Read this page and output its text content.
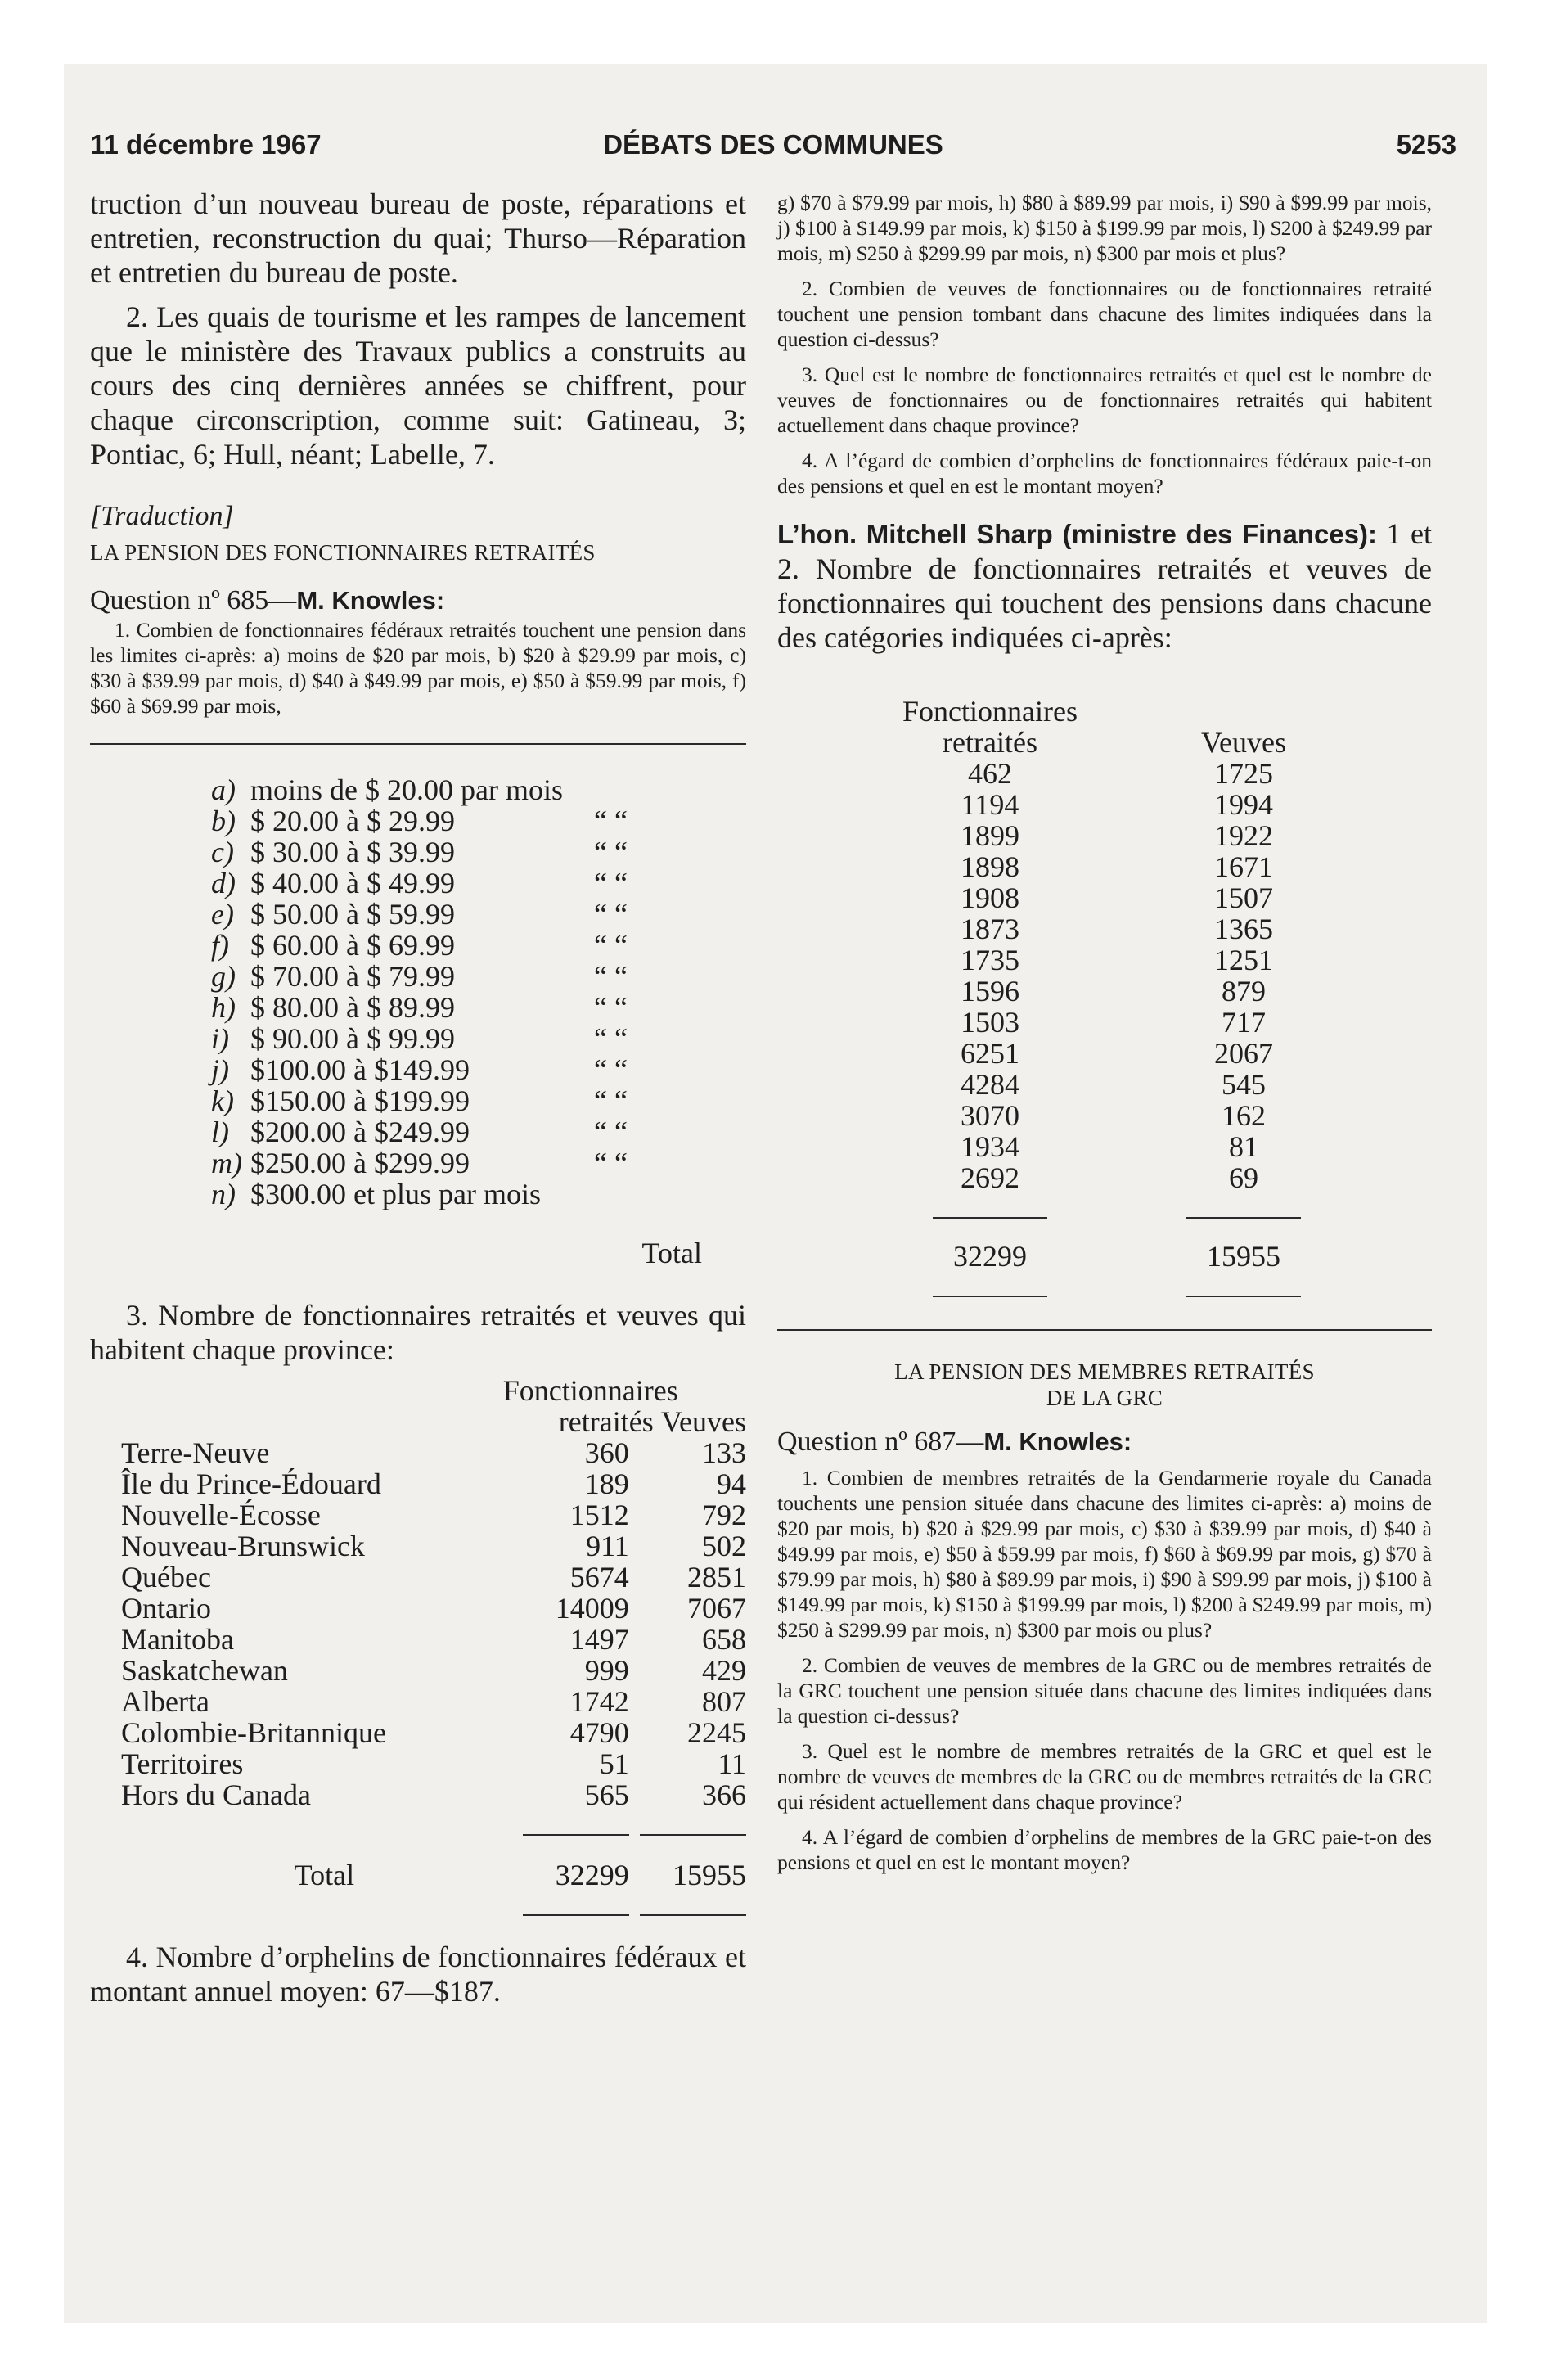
11 décembre 1967	DÉBATS DES COMMUNES	5253

truction d’un nouveau bureau de poste, réparations et entretien, reconstruction du quai; Thurso—Réparation et entretien du bureau de poste.

2. Les quais de tourisme et les rampes de lancement que le ministère des Travaux publics a construits au cours des cinq dernières années se chiffrent, pour chaque circonscription, comme suit: Gatineau, 3; Pontiac, 6; Hull, néant; Labelle, 7.

[Traduction]
LA PENSION DES FONCTIONNAIRES RETRAITÉS
Question nº 685—M. Knowles:

1. Combien de fonctionnaires fédéraux retraités touchent une pension dans les limites ci-après: a) moins de $20 par mois, b) $20 à $29.99 par mois, c) $30 à $39.99 par mois, d) $40 à $49.99 par mois, e) $50 à $59.99 par mois, f) $60 à $69.99 par mois,

a)	moins de $ 20.00 par mois	
b)	$ 20.00 à $ 29.99	“ “
c)	$ 30.00 à $ 39.99	“ “
d)	$ 40.00 à $ 49.99	“ “
e)	$ 50.00 à $ 59.99	“ “
f)	$ 60.00 à $ 69.99	“ “
g)	$ 70.00 à $ 79.99	“ “
h)	$ 80.00 à $ 89.99	“ “
i)	$ 90.00 à $ 99.99	“ “
j)	$100.00 à $149.99	“ “
k)	$150.00 à $199.99	“ “
l)	$200.00 à $249.99	“ “
m)	$250.00 à $299.99	“ “
n)	$300.00 et plus par mois	
Total

3. Nombre de fonctionnaires retraités et veuves qui habitent chaque province:

	Fonctionnaires	
	retraités	Veuves
Terre-Neuve	360	133
Île du Prince-Édouard	189	94
Nouvelle-Écosse	1512	792
Nouveau-Brunswick	911	502
Québec	5674	2851
Ontario	14009	7067
Manitoba	1497	658
Saskatchewan	999	429
Alberta	1742	807
Colombie-Britannique	4790	2245
Territoires	51	11
Hors du Canada	565	366

Total	32299	15955

4. Nombre d’orphelins de fonctionnaires fédéraux et montant annuel moyen: 67—$187.

g) $70 à $79.99 par mois, h) $80 à $89.99 par mois, i) $90 à $99.99 par mois, j) $100 à $149.99 par mois, k) $150 à $199.99 par mois, l) $200 à $249.99 par mois, m) $250 à $299.99 par mois, n) $300 par mois et plus?

2. Combien de veuves de fonctionnaires ou de fonctionnaires retraité touchent une pension tombant dans chacune des limites indiquées dans la question ci-dessus?

3. Quel est le nombre de fonctionnaires retraités et quel est le nombre de veuves de fonctionnaires ou de fonctionnaires retraités qui habitent actuellement dans chaque province?

4. A l’égard de combien d’orphelins de fonctionnaires fédéraux paie-t-on des pensions et quel en est le montant moyen?

L’hon. Mitchell Sharp (ministre des Finances): 1 et 2. Nombre de fonctionnaires retraités et veuves de fonctionnaires qui touchent des pensions dans chacune des catégories indiquées ci-après:
Fonctionnaires	
retraités	Veuves
462	1725
1194	1994
1899	1922
1898	1671
1908	1507
1873	1365
1735	1251
1596	879
1503	717
6251	2067
4284	545
3070	162
1934	81
2692	69

32299	15955

LA PENSION DES MEMBRES RETRAITÉS
DE LA GRC
Question nº 687—M. Knowles:

1. Combien de membres retraités de la Gendarmerie royale du Canada touchents une pension située dans chacune des limites ci-après: a) moins de $20 par mois, b) $20 à $29.99 par mois, c) $30 à $39.99 par mois, d) $40 à $49.99 par mois, e) $50 à $59.99 par mois, f) $60 à $69.99 par mois, g) $70 à $79.99 par mois, h) $80 à $89.99 par mois, i) $90 à $99.99 par mois, j) $100 à $149.99 par mois, k) $150 à $199.99 par mois, l) $200 à $249.99 par mois, m) $250 à $299.99 par mois, n) $300 par mois ou plus?

2. Combien de veuves de membres de la GRC ou de membres retraités de la GRC touchent une pension située dans chacune des limites indiquées dans la question ci-dessus?

3. Quel est le nombre de membres retraités de la GRC et quel est le nombre de veuves de membres de la GRC ou de membres retraités de la GRC qui résident actuellement dans chaque province?

4. A l’égard de combien d’orphelins de membres de la GRC paie-t-on des pensions et quel en est le montant moyen?
